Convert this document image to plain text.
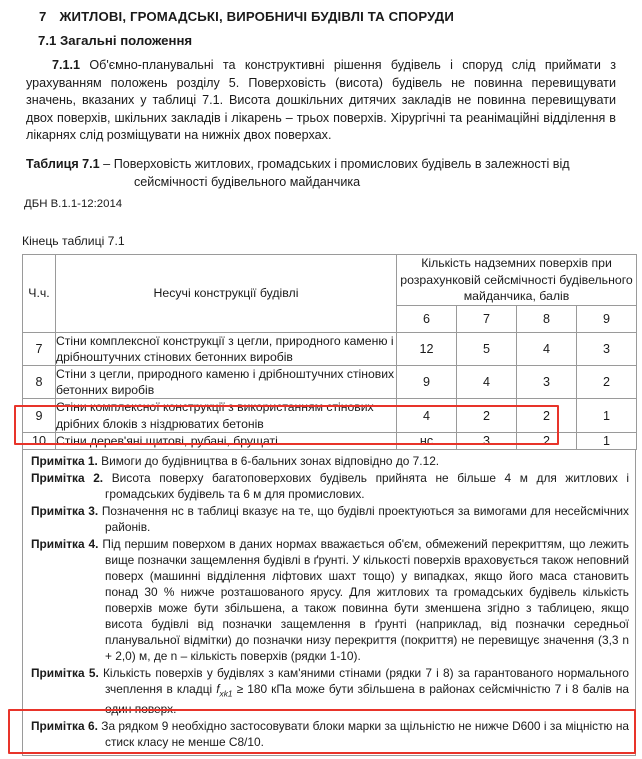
7 ЖИТЛОВІ, ГРОМАДСЬКІ, ВИРОБНИЧІ БУДІВЛІ ТА СПОРУДИ
7.1 Загальні положення
7.1.1 Об'ємно-планувальні та конструктивні рішення будівель і споруд слід приймати з урахуванням положень розділу 5. Поверховість (висота) будівель не повинна перевищувати значень, вказаних у таблиці 7.1. Висота дошкільних дитячих закладів не повинна перевищувати двох поверхів, шкільних закладів і лікарень – трьох поверхів. Хірургічні та реанімаційні відділення в лікарнях слід розміщувати на нижніх двох поверхах.
Таблиця 7.1 – Поверховість житлових, громадських і промислових будівель в залежності від сейсмічності будівельного майданчика
ДБН В.1.1-12:2014
Кінець таблиці 7.1
Ч.ч.	Несучі конструкції будівлі	Кількість надземних поверхів при розрахунковій сейсмічності будівельного майданчика, балів			
		6	7	8	9
7	Стіни комплексної конструкції з цегли, природного каменю і дрібноштучних стінових бетонних виробів	12	5	4	3
8	Стіни з цегли, природного каменю і дрібноштучних стінових бетонних виробів	9	4	3	2
9	Стіни комплексної конструкції з використанням стінових дрібних блоків з ніздрюватих бетонів	4	2	2	1
10	Стіни дерев'яні щитові, рубані, брущаті	нс	3	2	1

Примітка 1. Вимоги до будівництва в 6-бальних зонах відповідно до 7.12.

Примітка 2. Висота поверху багатоповерхових будівель прийнята не більше 4 м для житлових і громадських будівель та 6 м для промислових.

Примітка 3. Позначення нс в таблиці вказує на те, що будівлі проектуються за вимогами для несейсмічних районів.

Примітка 4. Під першим поверхом в даних нормах вважається об'єм, обмежений перекриттям, що лежить вище позначки защемлення будівлі в ґрунті. У кількості поверхів враховується також неповний поверх (машинні відділення ліфтових шахт тощо) у випадках, якщо його маса становить понад 30 % нижче розташованого ярусу. Для житлових та громадських будівель кількість поверхів може бути збільшена, а також повинна бути зменшена згідно з таблицею, якщо висота будівлі від позначки защемлення в ґрунті (наприклад, від позначки середньої планувальної відмітки) до позначки низу перекриття (покриття) не перевищує значення (3,3 n + 2,0) м, де n – кількість поверхів (рядки 1-10).

Примітка 5. Кількість поверхів у будівлях з кам'яними стінами (рядки 7 і 8) за гарантованого нормального зчеплення в кладці $f_{xk1} \ge 180$ кПа може бути збільшена в районах сейсмічністю 7 і 8 балів на один поверх.

Примітка 6. За рядком 9 необхідно застосовувати блоки марки за щільністю не нижче D600 і за міцністю на стиск класу не менше С8/10.
